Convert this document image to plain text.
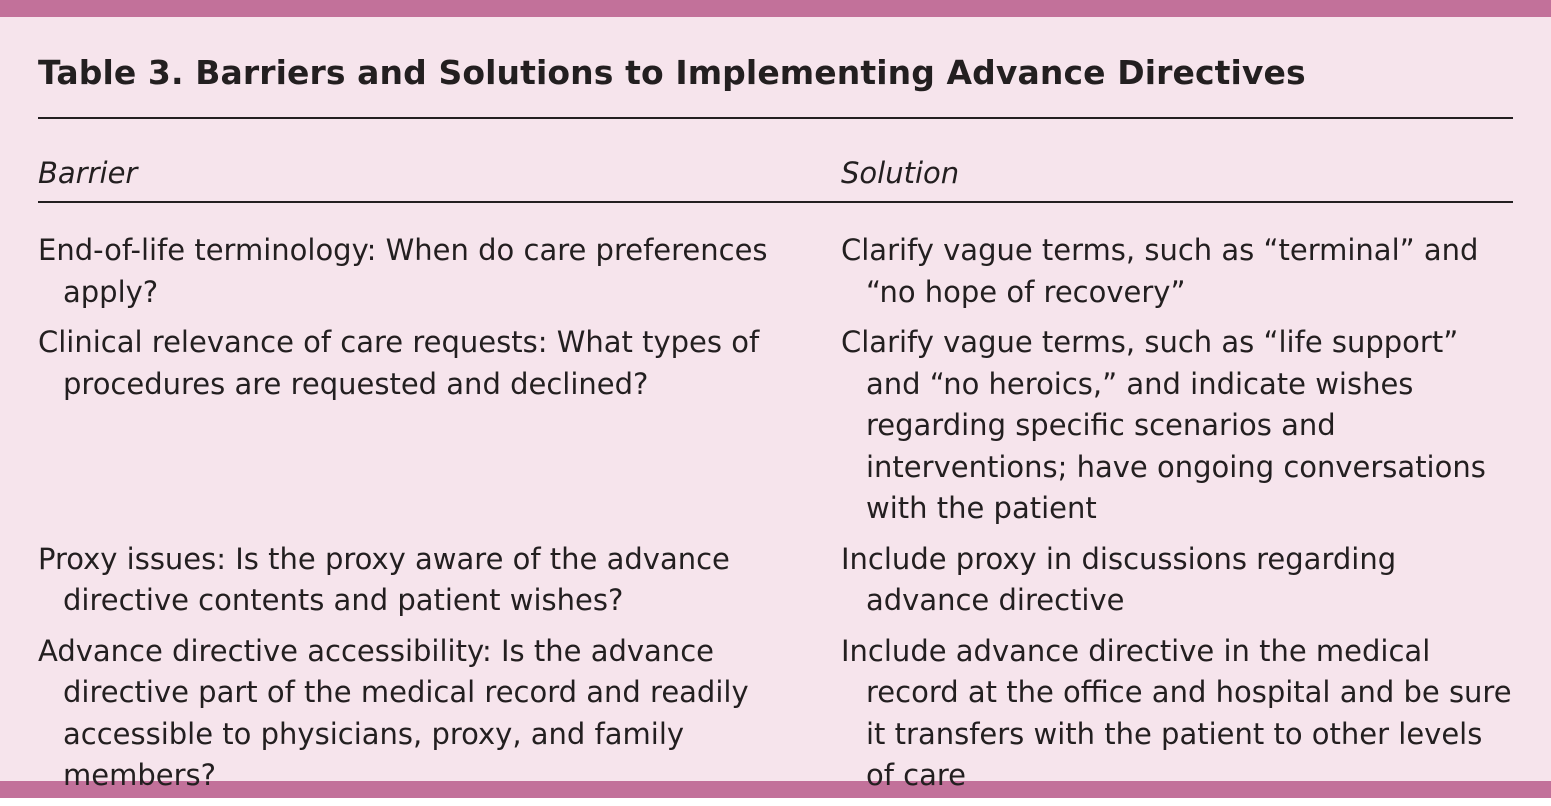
Table 3. Barriers and Solutions to Implementing Advance Directives
Barrier	Solution
End-of-life terminology: When do care preferences apply?
Clarify vague terms, such as “terminal” and “no hope of recovery”
Clinical relevance of care requests: What types of procedures are requested and declined?
Clarify vague terms, such as “life support” and “no heroics,” and indicate wishes regarding specific scenarios and interventions; have ongoing conversations with the patient
Proxy issues: Is the proxy aware of the advance directive contents and patient wishes?
Include proxy in discussions regarding advance directive
Advance directive accessibility: Is the advance directive part of the medical record and readily accessible to physicians, proxy, and family members?
Include advance directive in the medical record at the office and hospital and be sure it transfers with the patient to other levels of care
